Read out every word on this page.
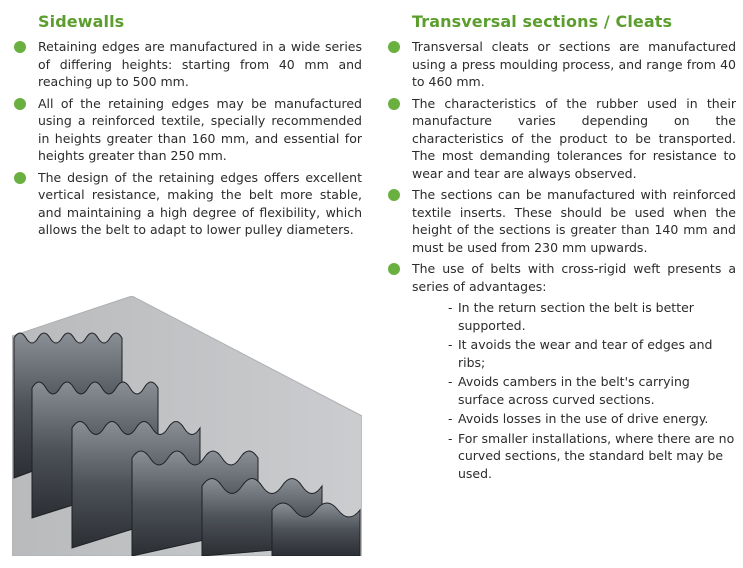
Sidewalls
Retaining edges are manufactured in a wide series of differing heights: starting from 40 mm and reaching up to 500 mm.
All of the retaining edges may be manufactured using a reinforced textile, specially recommended in heights greater than 160 mm, and essential for heights greater than 250 mm.
The design of the retaining edges offers excellent vertical resistance, making the belt more stable, and maintaining a high degree of flexibility, which allows the belt to adapt to lower pulley diameters.
Transversal sections / Cleats
Transversal cleats or sections are manufactured using a press moulding process, and range from 40 to 460 mm.
The characteristics of the rubber used in their manufacture varies depending on the characteristics of the product to be transported. The most demanding tolerances for resistance to wear and tear are always observed.
The sections can be manufactured with reinforced textile inserts. These should be used when the height of the sections is greater than 140 mm and must be used from 230 mm upwards.
The use of belts with cross-rigid weft presents a series of advantages:
- In the return section the belt is better supported.
- It avoids the wear and tear of edges and ribs;
- Avoids cambers in the belt's carrying surface across curved sections.
- Avoids losses in the use of drive energy.
- For smaller installations, where there are no curved sections, the standard belt may be used.
